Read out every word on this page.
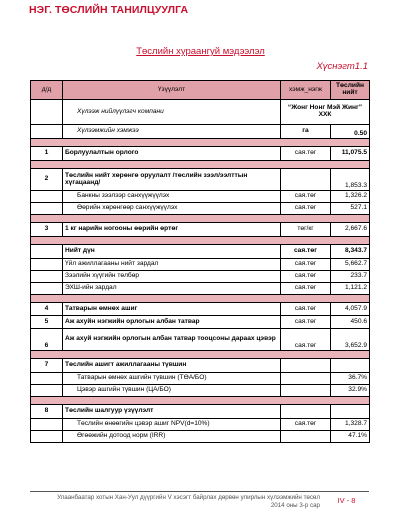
НЭГ. ТӨСЛИЙН ТАНИЛЦУУЛГА
Төслийн хураангуй мэдээлэл
Хүснэгт1.1
д/д	Үзүүлэлт	хэмж_нэгж	Төслийн нийт
	Хүлээж нийлүүлэгч компани	“Жонг Нонг Мэй Жинг” ХХК	
	Хүлээмжийн хэмжээ	га	0.50

1	Борлуулалтын орлого	сая.төг	11,075.5

2	Төслийн нийт хөрөнгө оруулалт /төслийн зээл/ээлттын хүгацаанд/		1,853.3
	Банкны зээлээр санхүүжүүлэх	сая.төг	1,326.2
	Өөрийн хөрөнгөөр санхүүжүүлэх	сая.төг	527.1

3	1 кг нарийн ногооны өөрийн өртөг	төг/кг	2,667.6

	Нийт дүн	сая.төг	8,343.7
	Үйл ажиллагааны нийт зардал	сая.төг	5,662.7
	Зээлийн хүүгийн төлбөр	сая.төг	233.7
	ЭХШ-ийн зардал	сая.төг	1,121.2

4	Татварын өмнөх ашиг	сая.төг	4,057.9
5	Аж ахуйн нэгжийн орлогын албан татвар	сая.төг	450.6
6	Аж ахуй нэгжийн орлогын албан татвар тооцсоны дараах цэвэр	сая.төг	3,652.9

7	Төслийн ашигт ажиллагааны түвшин		
	Татварын өмнөх ашгийн түвшин (ТӨА/БО)		36.7%
	Цэвэр ашгийн түвшин (ЦА/БО)		32.9%

8	Төслийн шалгуур үзүүлэлт		
	Төслийн өнөөгийн цэвэр ашиг NPV(d=10%)	сая.төг	1,328.7
	Өгөөжийн дотоод норм (IRR)		47.1%
Улаанбаатар хотын Хан-Уул дүүргийн V хэсэгт байрлах дөрвөн улирлын хүлээмжийн төсөл
2014 оны 3-р сар
IV - 8
